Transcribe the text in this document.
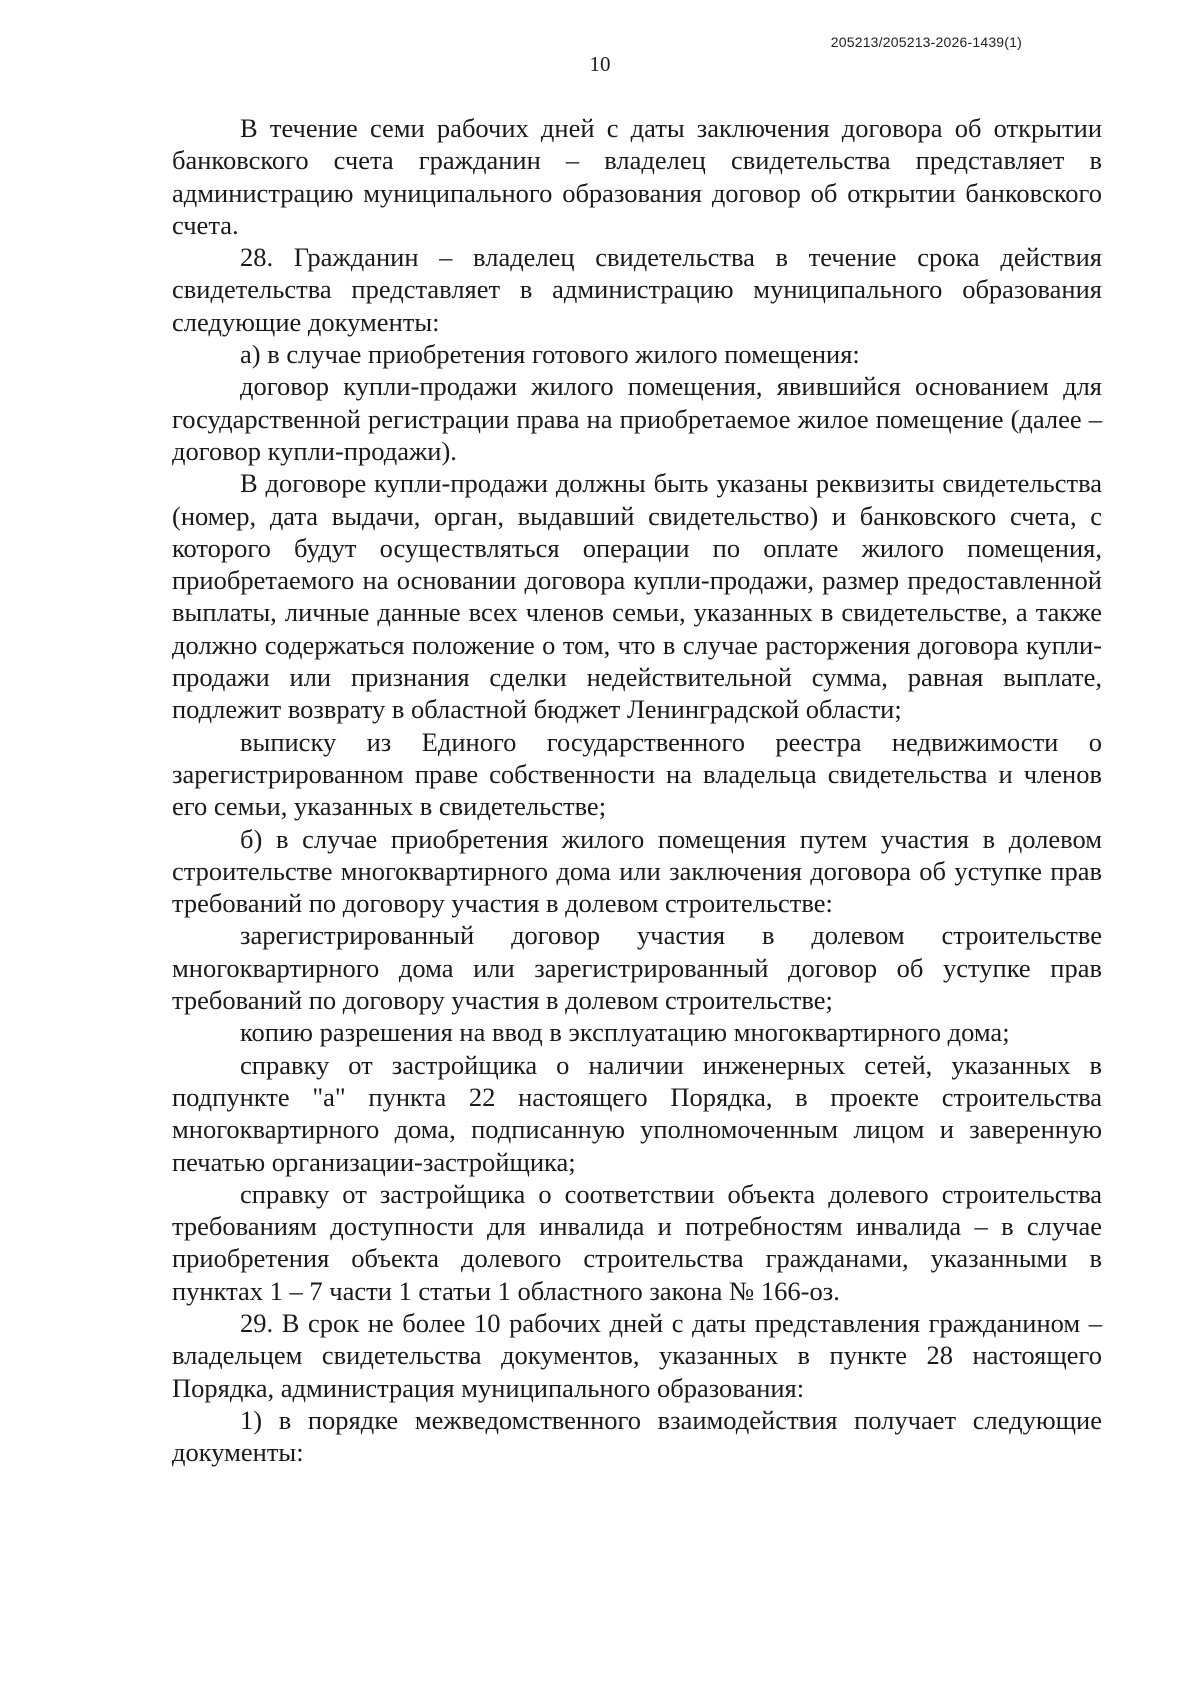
205213/205213-2026-1439(1)
10

В течение семи рабочих дней с даты заключения договора об открытии банковского счета гражданин – владелец свидетельства представляет в администрацию муниципального образования договор об открытии банковского счета.

28. Гражданин – владелец свидетельства в течение срока действия свидетельства представляет в администрацию муниципального образования следующие документы:

а) в случае приобретения готового жилого помещения:

договор купли-продажи жилого помещения, явившийся основанием для государственной регистрации права на приобретаемое жилое помещение (далее – договор купли-продажи).

В договоре купли-продажи должны быть указаны реквизиты свидетельства (номер, дата выдачи, орган, выдавший свидетельство) и банковского счета, с которого будут осуществляться операции по оплате жилого помещения, приобретаемого на основании договора купли-продажи, размер предоставленной выплаты, личные данные всех членов семьи, указанных в свидетельстве, а также должно содержаться положение о том, что в случае расторжения договора купли-продажи или признания сделки недействительной сумма, равная выплате, подлежит возврату в областной бюджет Ленинградской области;

выписку из Единого государственного реестра недвижимости о зарегистрированном праве собственности на владельца свидетельства и членов его семьи, указанных в свидетельстве;

б) в случае приобретения жилого помещения путем участия в долевом строительстве многоквартирного дома или заключения договора об уступке прав требований по договору участия в долевом строительстве:

зарегистрированный договор участия в долевом строительстве многоквартирного дома или зарегистрированный договор об уступке прав требований по договору участия в долевом строительстве;

копию разрешения на ввод в эксплуатацию многоквартирного дома;

справку от застройщика о наличии инженерных сетей, указанных в подпункте "а" пункта 22 настоящего Порядка, в проекте строительства многоквартирного дома, подписанную уполномоченным лицом и заверенную печатью организации-застройщика;

справку от застройщика о соответствии объекта долевого строительства требованиям доступности для инвалида и потребностям инвалида – в случае приобретения объекта долевого строительства гражданами, указанными в пунктах 1 – 7 части 1 статьи 1 областного закона № 166-оз.

29. В срок не более 10 рабочих дней с даты представления гражданином – владельцем свидетельства документов, указанных в пункте 28 настоящего Порядка, администрация муниципального образования:

1) в порядке межведомственного взаимодействия получает следующие документы:
